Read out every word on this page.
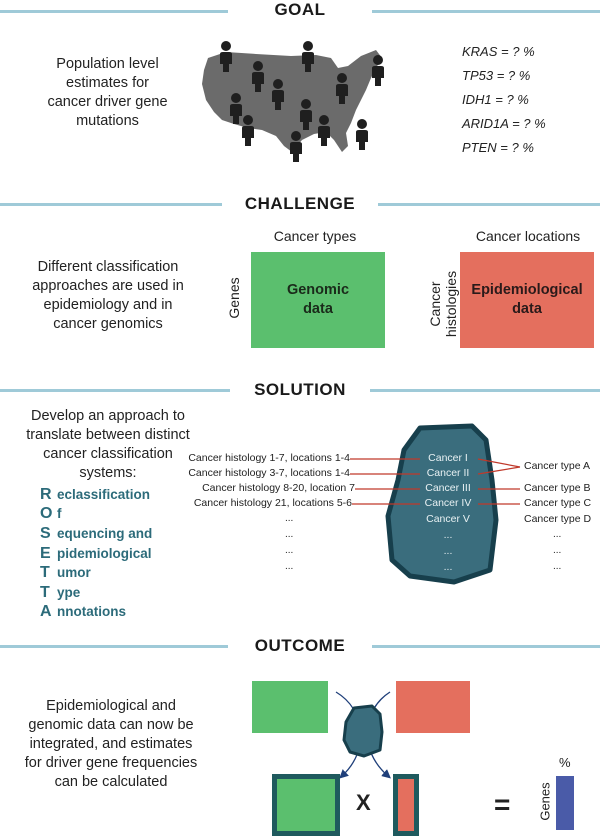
GOAL
Population level
estimates for
cancer driver gene
mutations
KRAS = ? %
TP53 = ? %
IDH1 = ? %
ARID1A = ? %
PTEN = ? %
CHALLENGE
Different classification
approaches are used in
epidemiology and in
cancer genomics
Cancer types
Genes	Genomic
data
Cancer locations
Cancer histologies Epidemiological
data
SOLUTION
Develop an approach to
translate between distinct
cancer classification
systems:
R eclassification
O f
S equencing and
E pidemiological
T umor
T ype
A nnotations
Cancer histology 1-7, locations 1-4
Cancer histology 3-7, locations 1-4
Cancer histology 8-20, location 7
Cancer histology 21, locations 5-6
...
...
...
...
Cancer I
Cancer II
Cancer III
Cancer IV
Cancer V
...
...
...
Cancer type A
Cancer type B
Cancer type C
Cancer type D
...
...
...
OUTCOME
Epidemiological and
genomic data can now be
integrated, and estimates
for driver gene frequencies
can be calculated
X	=
%
Genes
